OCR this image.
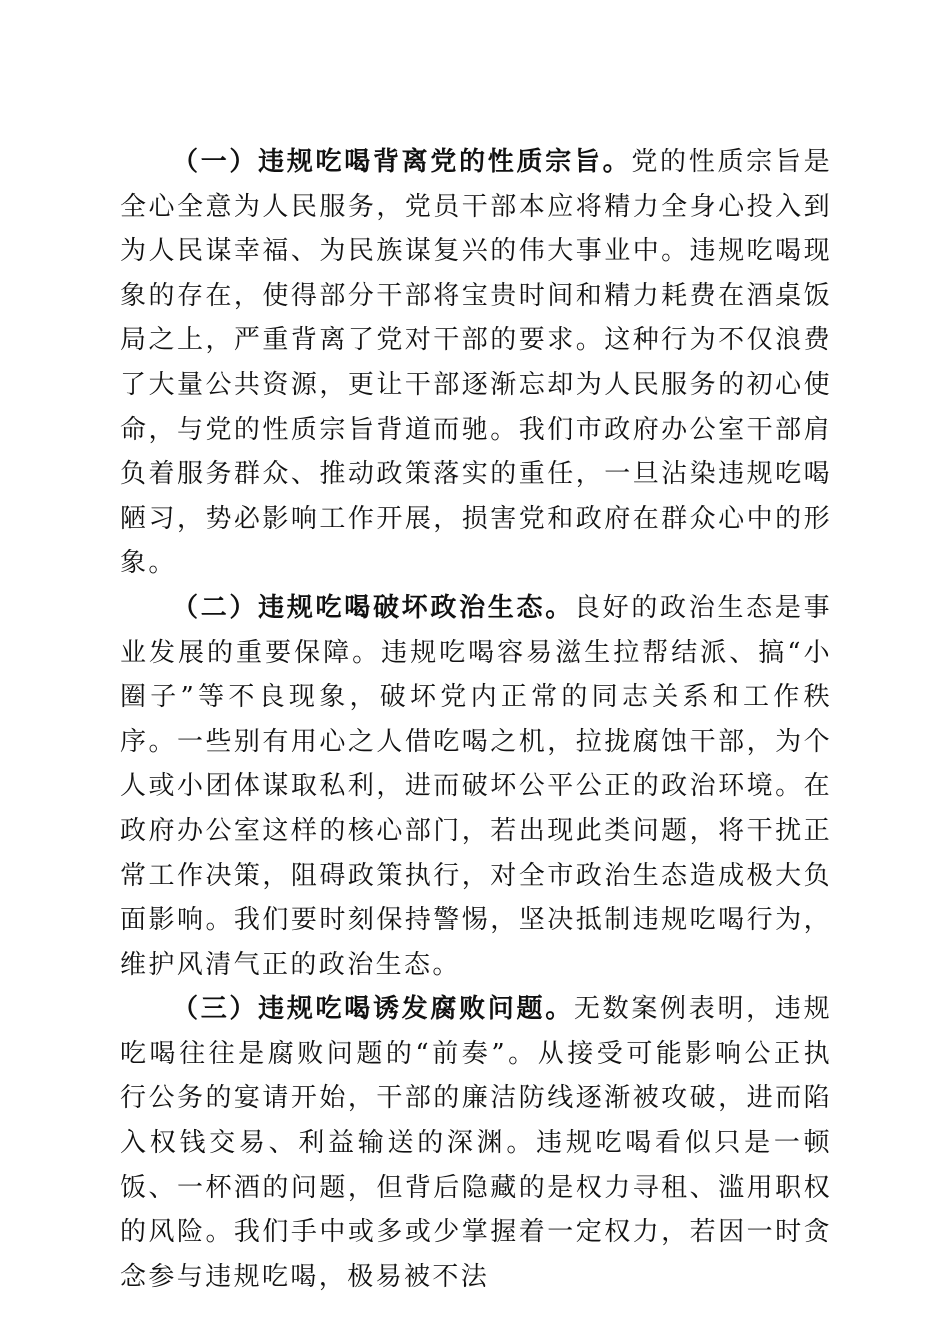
（一）违规吃喝背离党的性质宗旨。党的性质宗旨是全心全意为人民服务，党员干部本应将精力全身心投入到为人民谋幸福、为民族谋复兴的伟大事业中。违规吃喝现象的存在，使得部分干部将宝贵时间和精力耗费在酒桌饭局之上，严重背离了党对干部的要求。这种行为不仅浪费了大量公共资源，更让干部逐渐忘却为人民服务的初心使命，与党的性质宗旨背道而驰。我们市政府办公室干部肩负着服务群众、推动政策落实的重任，一旦沾染违规吃喝陋习，势必影响工作开展，损害党和政府在群众心中的形象。

（二）违规吃喝破坏政治生态。良好的政治生态是事业发展的重要保障。违规吃喝容易滋生拉帮结派、搞“小圈子”等不良现象，破坏党内正常的同志关系和工作秩序。一些别有用心之人借吃喝之机，拉拢腐蚀干部，为个人或小团体谋取私利，进而破坏公平公正的政治环境。在政府办公室这样的核心部门，若出现此类问题，将干扰正常工作决策，阻碍政策执行，对全市政治生态造成极大负面影响。我们要时刻保持警惕，坚决抵制违规吃喝行为，维护风清气正的政治生态。

（三）违规吃喝诱发腐败问题。无数案例表明，违规吃喝往往是腐败问题的“前奏”。从接受可能影响公正执行公务的宴请开始，干部的廉洁防线逐渐被攻破，进而陷入权钱交易、利益输送的深渊。违规吃喝看似只是一顿饭、一杯酒的问题，但背后隐藏的是权力寻租、滥用职权的风险。我们手中或多或少掌握着一定权力，若因一时贪念参与违规吃喝，极易被不法
